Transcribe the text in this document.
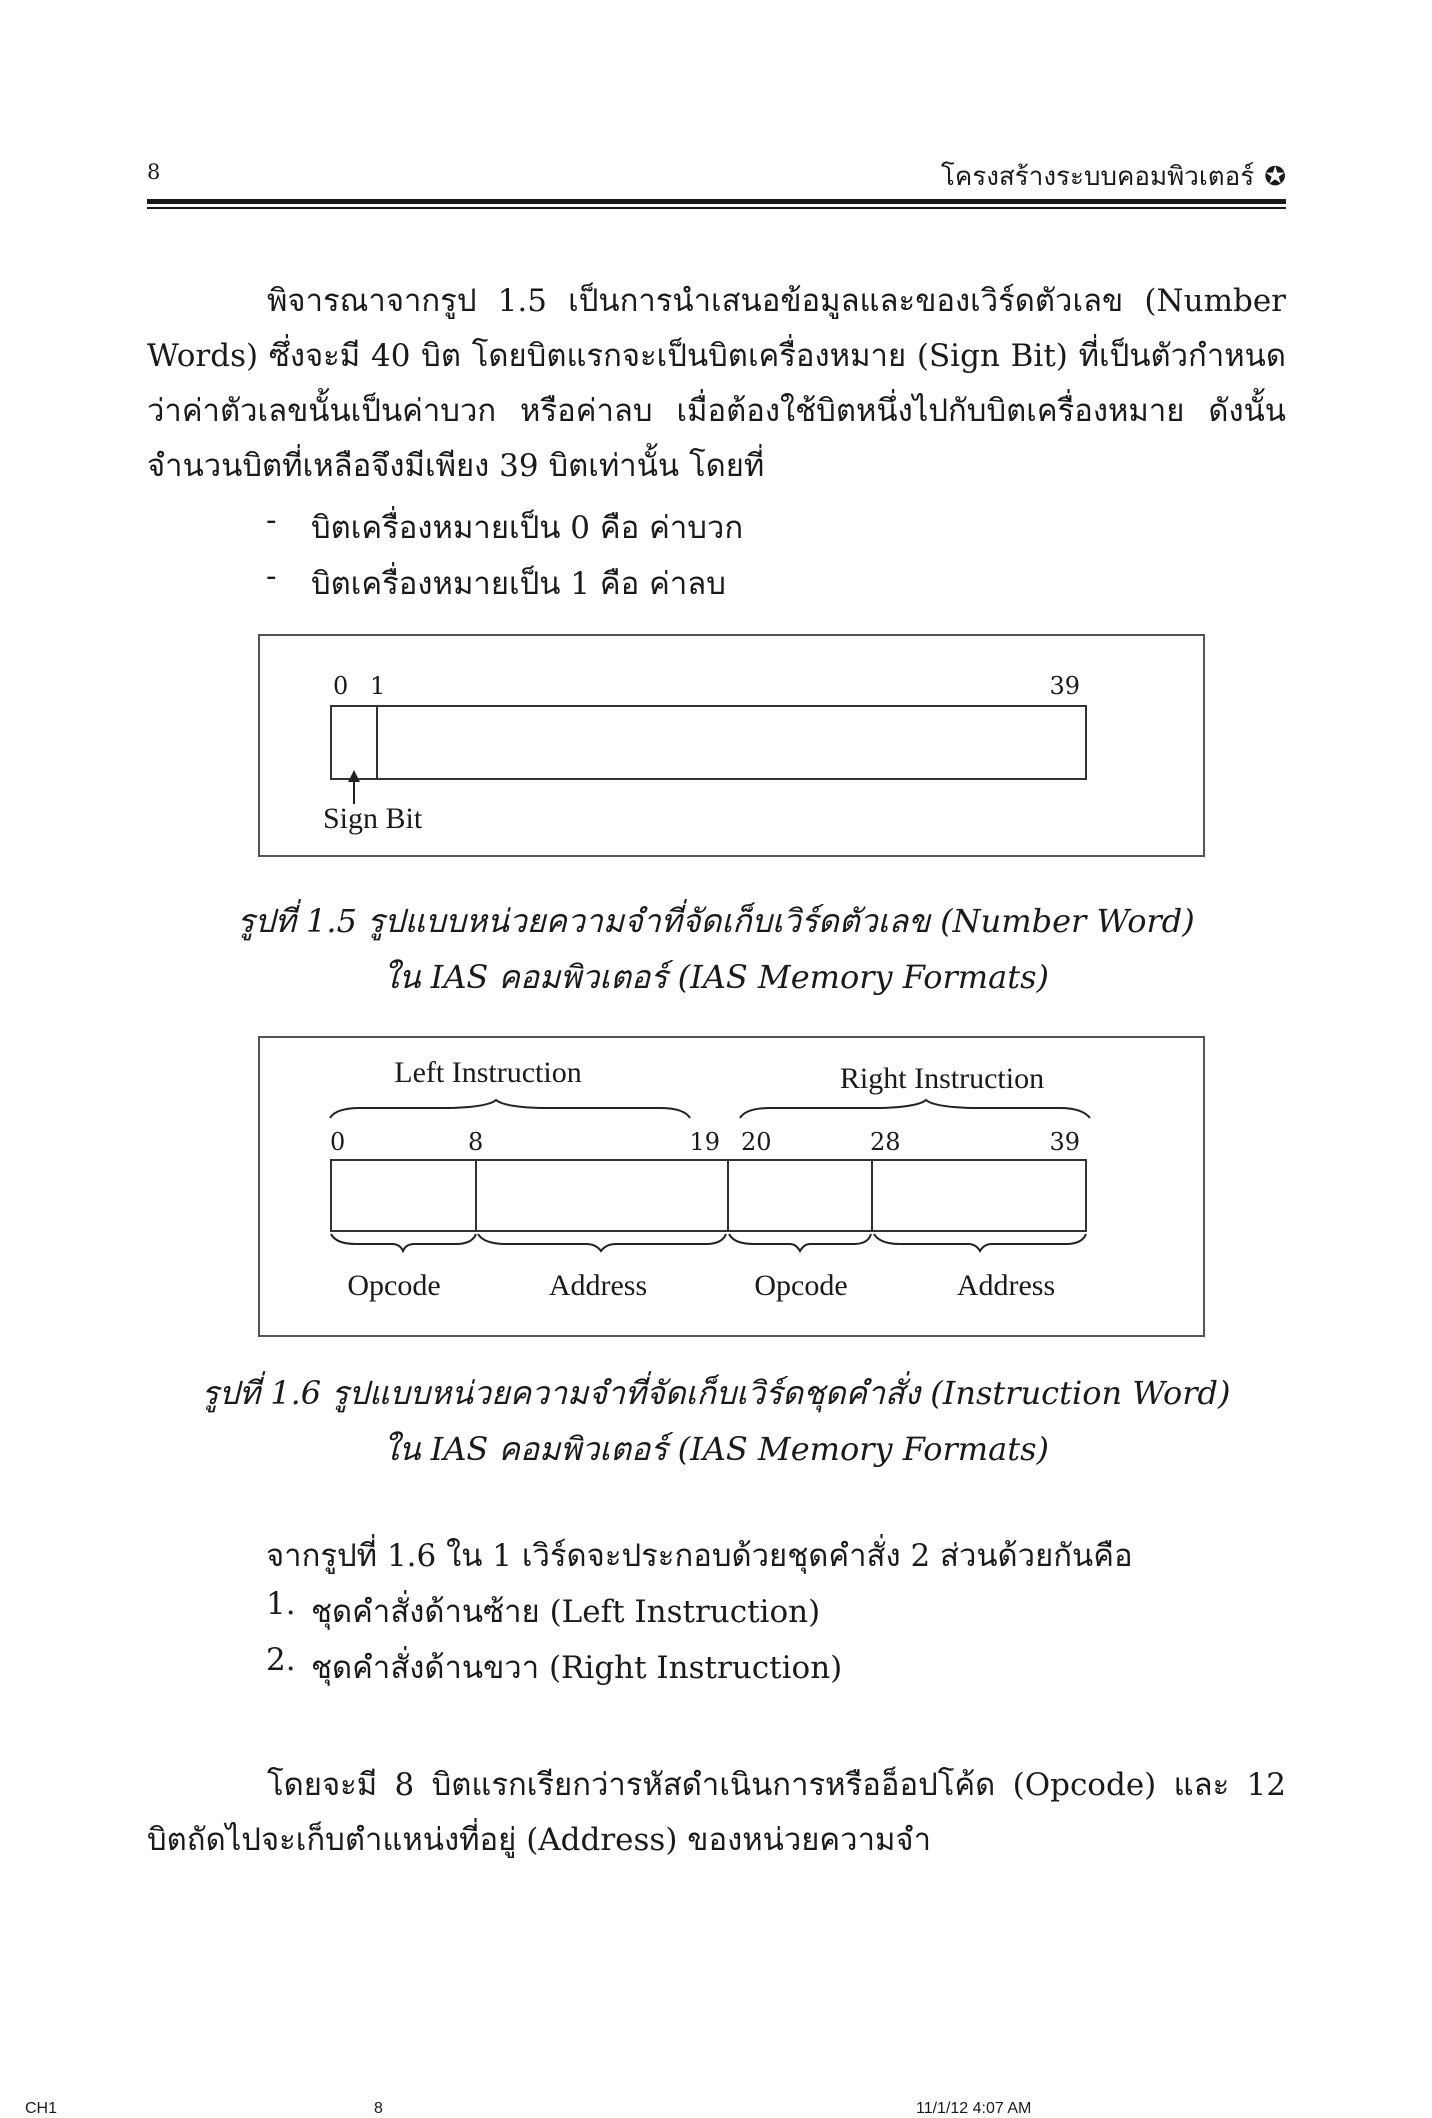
8	โครงสร้างระบบคอมพิวเตอร์ ✪

พิจารณาจากรูป 1.5 เป็นการนำเสนอข้อมูลและของเวิร์ดตัวเลข (Number Words) ซึ่งจะมี 40 บิต โดยบิตแรกจะเป็นบิตเครื่องหมาย (Sign Bit) ที่เป็นตัวกำหนดว่าค่าตัวเลขนั้นเป็นค่าบวก หรือค่าลบ เมื่อต้องใช้บิตหนึ่งไปกับบิตเครื่องหมาย ดังนั้นจำนวนบิตที่เหลือจึงมีเพียง 39 บิตเท่านั้น โดยที่

- บิตเครื่องหมายเป็น 0 คือ ค่าบวก
- บิตเครื่องหมายเป็น 1 คือ ค่าลบ
0 1	39
Sign Bit
รูปที่ 1.5 รูปแบบหน่วยความจำที่จัดเก็บเวิร์ดตัวเลข (Number Word)
ใน IAS คอมพิวเตอร์ (IAS Memory Formats)
Left Instruction	Right Instruction
0	8	19 20	28	39
Opcode	Address	Opcode	Address
รูปที่ 1.6 รูปแบบหน่วยความจำที่จัดเก็บเวิร์ดชุดคำสั่ง (Instruction Word)
ใน IAS คอมพิวเตอร์ (IAS Memory Formats)
จากรูปที่ 1.6 ใน 1 เวิร์ดจะประกอบด้วยชุดคำสั่ง 2 ส่วนด้วยกันคือ
1. ชุดคำสั่งด้านซ้าย (Left Instruction)
2. ชุดคำสั่งด้านขวา (Right Instruction)

โดยจะมี 8 บิตแรกเรียกว่ารหัสดำเนินการหรืออ็อปโค้ด (Opcode) และ 12 บิตถัดไปจะเก็บตำแหน่งที่อยู่ (Address) ของหน่วยความจำ

CH1	8	11/1/12 4:07 AM
